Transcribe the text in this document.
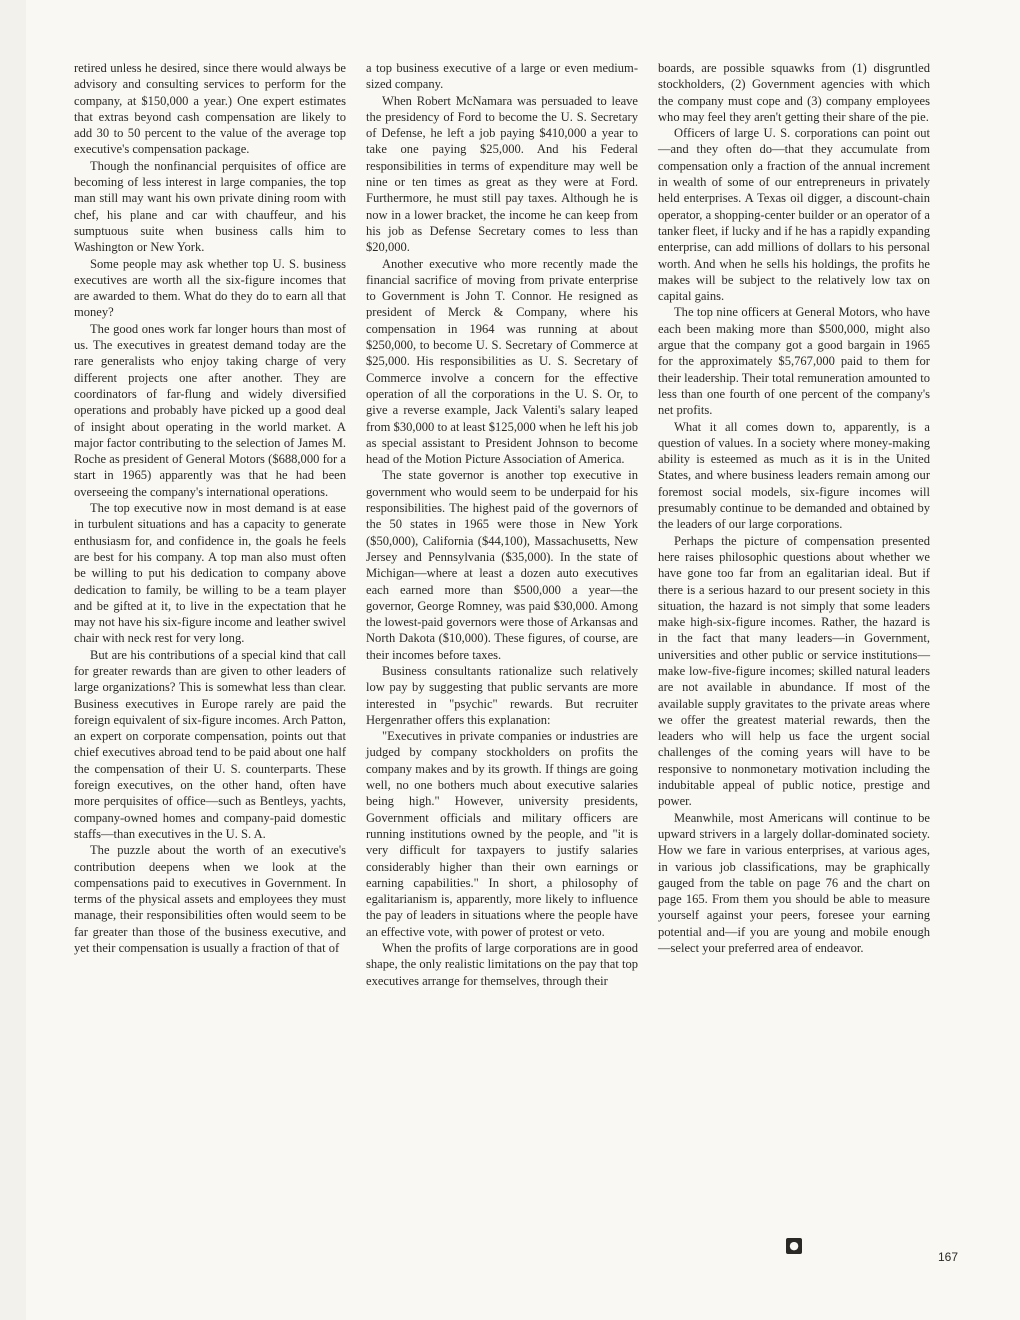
retired unless he desired, since there would always be advisory and consulting services to perform for the company, at $150,000 a year.) One expert estimates that extras beyond cash compensation are likely to add 30 to 50 percent to the value of the average top executive's compensation package.

Though the nonfinancial perquisites of office are becoming of less interest in large companies, the top man still may want his own private dining room with chef, his plane and car with chauffeur, and his sumptuous suite when business calls him to Washington or New York.

Some people may ask whether top U. S. business executives are worth all the six-figure incomes that are awarded to them. What do they do to earn all that money?

The good ones work far longer hours than most of us. The executives in greatest demand today are the rare generalists who enjoy taking charge of very different projects one after another. They are coordinators of far-flung and widely diversified operations and probably have picked up a good deal of insight about operating in the world market. A major factor contributing to the selection of James M. Roche as president of General Motors ($688,000 for a start in 1965) apparently was that he had been overseeing the company's international operations.

The top executive now in most demand is at ease in turbulent situations and has a capacity to generate enthusiasm for, and confidence in, the goals he feels are best for his company. A top man also must often be willing to put his dedication to company above dedication to family, be willing to be a team player and be gifted at it, to live in the expectation that he may not have his six-figure income and leather swivel chair with neck rest for very long.

But are his contributions of a special kind that call for greater rewards than are given to other leaders of large organizations? This is somewhat less than clear. Business executives in Europe rarely are paid the foreign equivalent of six-figure incomes. Arch Patton, an expert on corporate compensation, points out that chief executives abroad tend to be paid about one half the compensation of their U. S. counterparts. These foreign executives, on the other hand, often have more perquisites of office—such as Bentleys, yachts, company-owned homes and company-paid domestic staffs—than executives in the U. S. A.

The puzzle about the worth of an executive's contribution deepens when we look at the compensations paid to executives in Government. In terms of the physical assets and employees they must manage, their responsibilities often would seem to be far greater than those of the business executive, and yet their compensation is usually a fraction of that of

a top business executive of a large or even medium-sized company.

When Robert McNamara was persuaded to leave the presidency of Ford to become the U. S. Secretary of Defense, he left a job paying $410,000 a year to take one paying $25,000. And his Federal responsibilities in terms of expenditure may well be nine or ten times as great as they were at Ford. Furthermore, he must still pay taxes. Although he is now in a lower bracket, the income he can keep from his job as Defense Secretary comes to less than $20,000.

Another executive who more recently made the financial sacrifice of moving from private enterprise to Government is John T. Connor. He resigned as president of Merck & Company, where his compensation in 1964 was running at about $250,000, to become U. S. Secretary of Commerce at $25,000. His responsibilities as U. S. Secretary of Commerce involve a concern for the effective operation of all the corporations in the U. S. Or, to give a reverse example, Jack Valenti's salary leaped from $30,000 to at least $125,000 when he left his job as special assistant to President Johnson to become head of the Motion Picture Association of America.

The state governor is another top executive in government who would seem to be underpaid for his responsibilities. The highest paid of the governors of the 50 states in 1965 were those in New York ($50,000), California ($44,100), Massachusetts, New Jersey and Pennsylvania ($35,000). In the state of Michigan—where at least a dozen auto executives each earned more than $500,000 a year—the governor, George Romney, was paid $30,000. Among the lowest-paid governors were those of Arkansas and North Dakota ($10,000). These figures, of course, are their incomes before taxes.

Business consultants rationalize such relatively low pay by suggesting that public servants are more interested in "psychic" rewards. But recruiter Hergenrather offers this explanation:

"Executives in private companies or industries are judged by company stockholders on profits the company makes and by its growth. If things are going well, no one bothers much about executive salaries being high." However, university presidents, Government officials and military officers are running institutions owned by the people, and "it is very difficult for taxpayers to justify salaries considerably higher than their own earnings or earning capabilities." In short, a philosophy of egalitarianism is, apparently, more likely to influence the pay of leaders in situations where the people have an effective vote, with power of protest or veto.

When the profits of large corporations are in good shape, the only realistic limitations on the pay that top executives arrange for themselves, through their

boards, are possible squawks from (1) disgruntled stockholders, (2) Government agencies with which the company must cope and (3) company employees who may feel they aren't getting their share of the pie.

Officers of large U. S. corporations can point out—and they often do—that they accumulate from compensation only a fraction of the annual increment in wealth of some of our entrepreneurs in privately held enterprises. A Texas oil digger, a discount-chain operator, a shopping-center builder or an operator of a tanker fleet, if lucky and if he has a rapidly expanding enterprise, can add millions of dollars to his personal worth. And when he sells his holdings, the profits he makes will be subject to the relatively low tax on capital gains.

The top nine officers at General Motors, who have each been making more than $500,000, might also argue that the company got a good bargain in 1965 for the approximately $5,767,000 paid to them for their leadership. Their total remuneration amounted to less than one fourth of one percent of the company's net profits.

What it all comes down to, apparently, is a question of values. In a society where money-making ability is esteemed as much as it is in the United States, and where business leaders remain among our foremost social models, six-figure incomes will presumably continue to be demanded and obtained by the leaders of our large corporations.

Perhaps the picture of compensation presented here raises philosophic questions about whether we have gone too far from an egalitarian ideal. But if there is a serious hazard to our present society in this situation, the hazard is not simply that some leaders make high-six-figure incomes. Rather, the hazard is in the fact that many leaders—in Government, universities and other public or service institutions—make low-five-figure incomes; skilled natural leaders are not available in abundance. If most of the available supply gravitates to the private areas where we offer the greatest material rewards, then the leaders who will help us face the urgent social challenges of the coming years will have to be responsive to nonmonetary motivation including the indubitable appeal of public notice, prestige and power.

Meanwhile, most Americans will continue to be upward strivers in a largely dollar-dominated society. How we fare in various enterprises, at various ages, in various job classifications, may be graphically gauged from the table on page 76 and the chart on page 165. From them you should be able to measure yourself against your peers, foresee your earning potential and—if you are young and mobile enough—select your preferred area of endeavor.

●
167
